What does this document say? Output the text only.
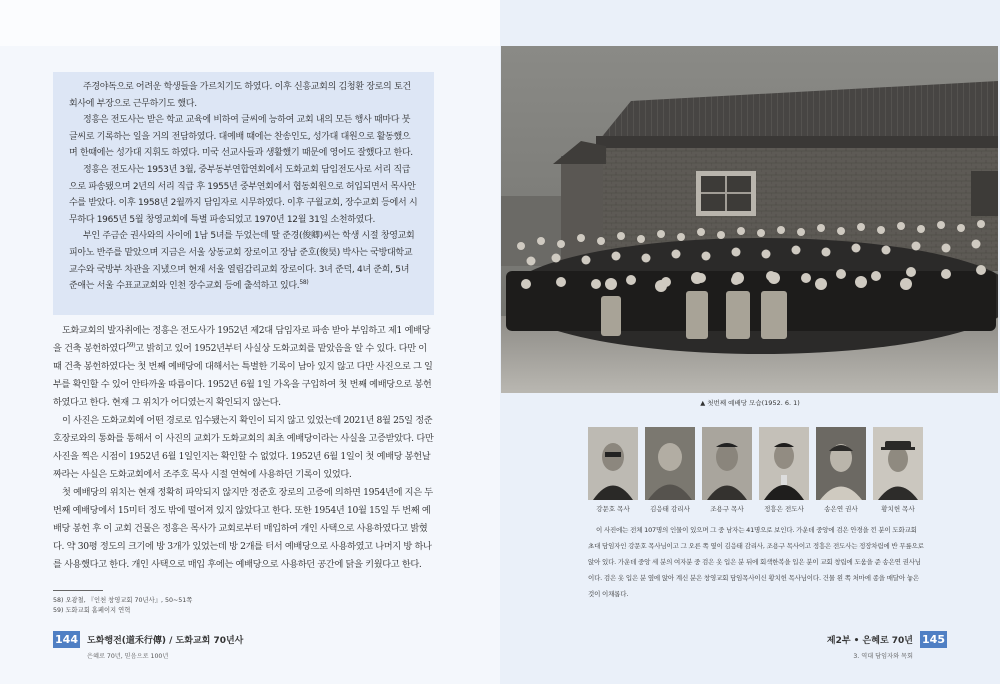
주경야독으로 어려운 학생들을 가르치기도 하였다. 이후 신흥교회의 김청환 장로의 토건회사에 부장으로 근무하기도 했다.

정흥은 전도사는 받은 학교 교육에 비하여 글씨에 능하여 교회 내의 모든 행사 때마다 붓글씨로 기록하는 일을 거의 전담하였다. 대예배 때에는 찬송인도, 성가대 대원으로 활동했으며 한때에는 성가대 지휘도 하였다. 미국 선교사들과 생활했기 때문에 영어도 잘했다고 한다.

정흥은 전도사는 1953년 3월, 중부동부연합연회에서 도화교회 담임전도사로 서리 직급으로 파송됐으며 2년의 서리 직급 후 1955년 중부연회에서 협동회원으로 허입되면서 목사안수를 받았다. 이후 1958년 2월까지 담임자로 시무하였다. 이후 구월교회, 장수교회 등에서 시무하다 1965년 5월 창영교회에 특별 파송되었고 1970년 12월 31일 소천하였다.

부인 주금순 권사와의 사이에 1남 5녀를 두었는데 딸 준경(俊卿)씨는 학생 시절 창영교회 피아노 반주를 맡았으며 지금은 서울 상동교회 장로이고 장남 준호(俊昊) 박사는 국방대학교 교수와 국방부 차관을 지냈으며 현재 서울 열림감리교회 장로이다. 3녀 준덕, 4녀 준희, 5녀 준애는 서울 수표교교회와 인천 장수교회 등에 출석하고 있다.$^{58)}$

도화교회의 발자취에는 정흥은 전도사가 1952년 제2대 담임자로 파송 받아 부임하고 제1 예배당을 건축 봉헌하였다$^{59)}$고 밝히고 있어 1952년부터 사실상 도화교회를 맡았음을 알 수 있다. 다만 이때 건축 봉헌하였다는 첫 번째 예배당에 대해서는 특별한 기록이 남아 있지 않고 다만 사진으로 그 일부를 확인할 수 있어 안타까울 따름이다. 1952년 6월 1일 가옥을 구입하여 첫 번째 예배당으로 봉헌하였다고 한다. 현재 그 위치가 어디였는지 확인되지 않는다.

이 사진은 도화교회에 어떤 경로로 입수됐는지 확인이 되지 않고 있었는데 2021년 8월 25일 정준호장로와의 통화를 통해서 이 사진의 교회가 도화교회의 최초 예배당이라는 사실을 고증받았다. 다만 사진을 찍은 시점이 1952년 6월 1일인지는 확인할 수 없었다. 1952년 6월 1일이 첫 예배당 봉헌날짜라는 사실은 도화교회에서 조주호 목사 시절 연혁에 사용하던 기록이 있었다.

첫 예배당의 위치는 현재 정확히 파악되지 않지만 정준호 장로의 고증에 의하면 1954년에 지은 두 번째 예배당에서 15미터 정도 밖에 떨어져 있지 않았다고 한다. 또한 1954년 10월 15일 두 번째 예배당 봉헌 후 이 교회 건물은 정흥은 목사가 교회로부터 매입하여 개인 사택으로 사용하였다고 밝혔다. 약 30평 정도의 크기에 방 3개가 있었는데 방 2개를 터서 예배당으로 사용하였고 나머지 방 하나를 사용했다고 한다. 개인 사택으로 매입 후에는 예배당으로 사용하던 공간에 닭을 키웠다고 한다.

58) 오광철, 『인천 창영교회 70년사』, 50~51쪽
59) 도화교회 홈페이지 연혁
144 도화행전(道禾行傳) / 도화교회 70년사
은혜로 70년, 믿음으로 100년
▲ 첫번째 예배당 모습(1952. 6. 1)
강문호 목사	김응태 감리사	조용구 목사	정흥은 전도사	송은연 권사	황치헌 목사

이 사진에는 전체 107명의 인물이 있으며 그 중 남자는 41명으로 보인다. 가운데 중앙에 검은 안경을 낀 분이 도화교회 초대 담임자인 강문호 목사님이고 그 오른 쪽 옆이 김응태 감리사, 조용구 목사이고 정흥은 전도사는 정장차림에 반 무릎으로 앉아 있다. 가운데 중앙 세 분의 여자분 중 검은 옷 입은 분 뒤에 회색한복을 입은 분이 교회 창립에 도움을 준 송은연 권사님이다. 검은 옷 입은 분 옆에 앉아 계신 분은 창영교회 담임목사이신 황치헌 목사님이다. 건물 왼 쪽 처마에 종을 매달아 놓은 것이 이채롭다.

제2부 • 은혜로 70년 145
3. 역대 담임자와 목회
